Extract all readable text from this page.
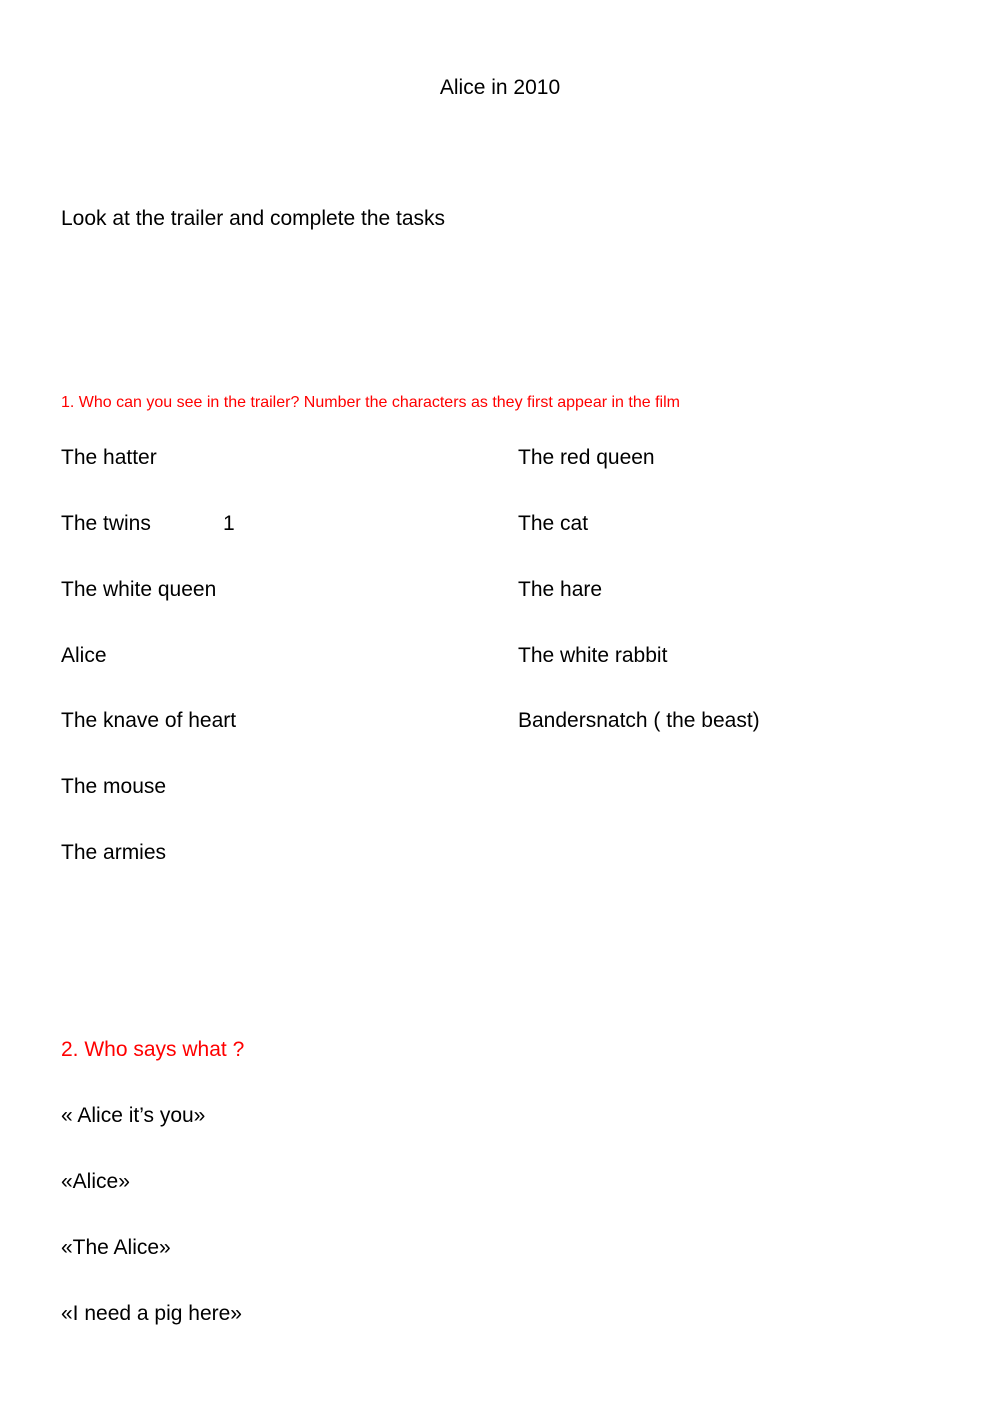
Alice in 2010
Look at the trailer and complete the tasks
1. Who can you see in the trailer? Number the characters as they first appear in the film
The hatter
The twins	1
The white queen
Alice
The knave of heart
The mouse
The armies
The red queen
The cat
The hare
The white rabbit
Bandersnatch ( the beast)
2. Who says what ?
« Alice it’s you»
«Alice»
«The Alice»
«I need a pig here»
